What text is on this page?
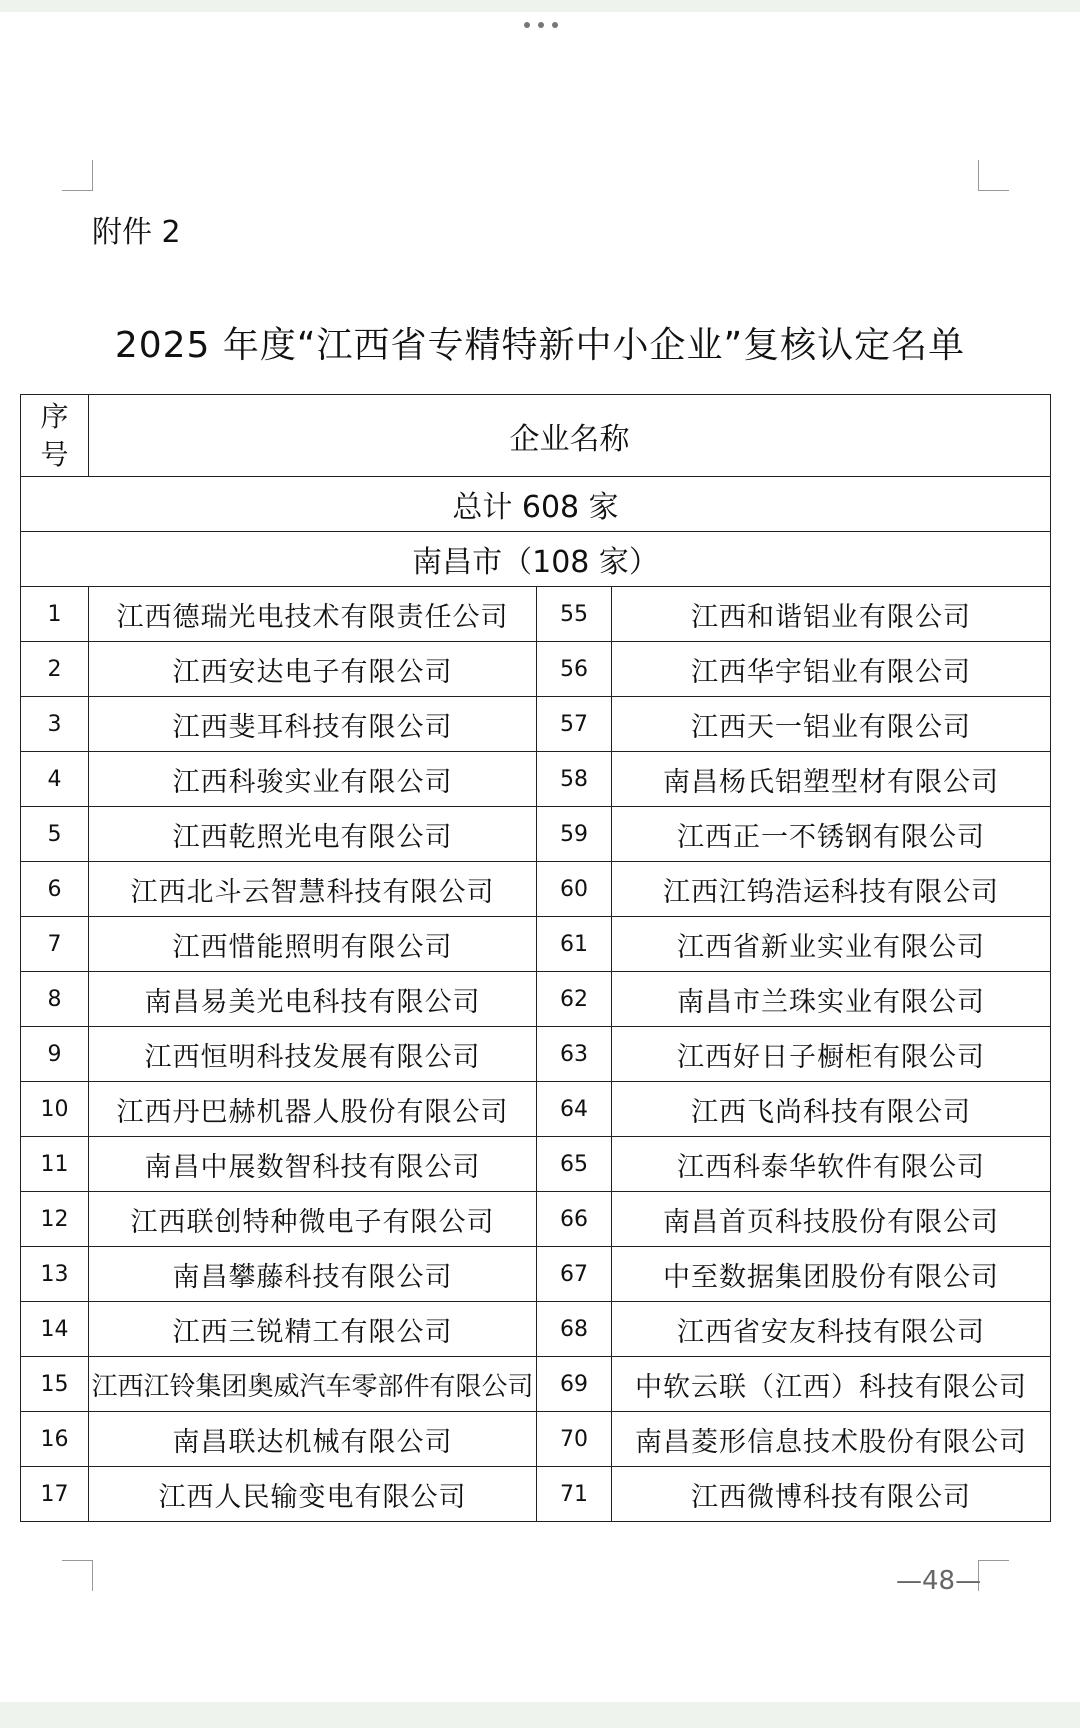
附件 2
2025 年度“江西省专精特新中小企业”复核认定名单
序
号	企业名称		
总计 608 家			
南昌市（108 家）			
1	江西德瑞光电技术有限责任公司	55	江西和谐铝业有限公司
2	江西安达电子有限公司	56	江西华宇铝业有限公司
3	江西斐耳科技有限公司	57	江西天一铝业有限公司
4	江西科骏实业有限公司	58	南昌杨氏铝塑型材有限公司
5	江西乾照光电有限公司	59	江西正一不锈钢有限公司
6	江西北斗云智慧科技有限公司	60	江西江钨浩运科技有限公司
7	江西惜能照明有限公司	61	江西省新业实业有限公司
8	南昌易美光电科技有限公司	62	南昌市兰珠实业有限公司
9	江西恒明科技发展有限公司	63	江西好日子橱柜有限公司
10	江西丹巴赫机器人股份有限公司	64	江西飞尚科技有限公司
11	南昌中展数智科技有限公司	65	江西科泰华软件有限公司
12	江西联创特种微电子有限公司	66	南昌首页科技股份有限公司
13	南昌攀藤科技有限公司	67	中至数据集团股份有限公司
14	江西三锐精工有限公司	68	江西省安友科技有限公司
15	江西江铃集团奥威汽车零部件有限公司	69	中软云联（江西）科技有限公司
16	南昌联达机械有限公司	70	南昌菱形信息技术股份有限公司
17	江西人民输变电有限公司	71	江西微博科技有限公司
—48—
